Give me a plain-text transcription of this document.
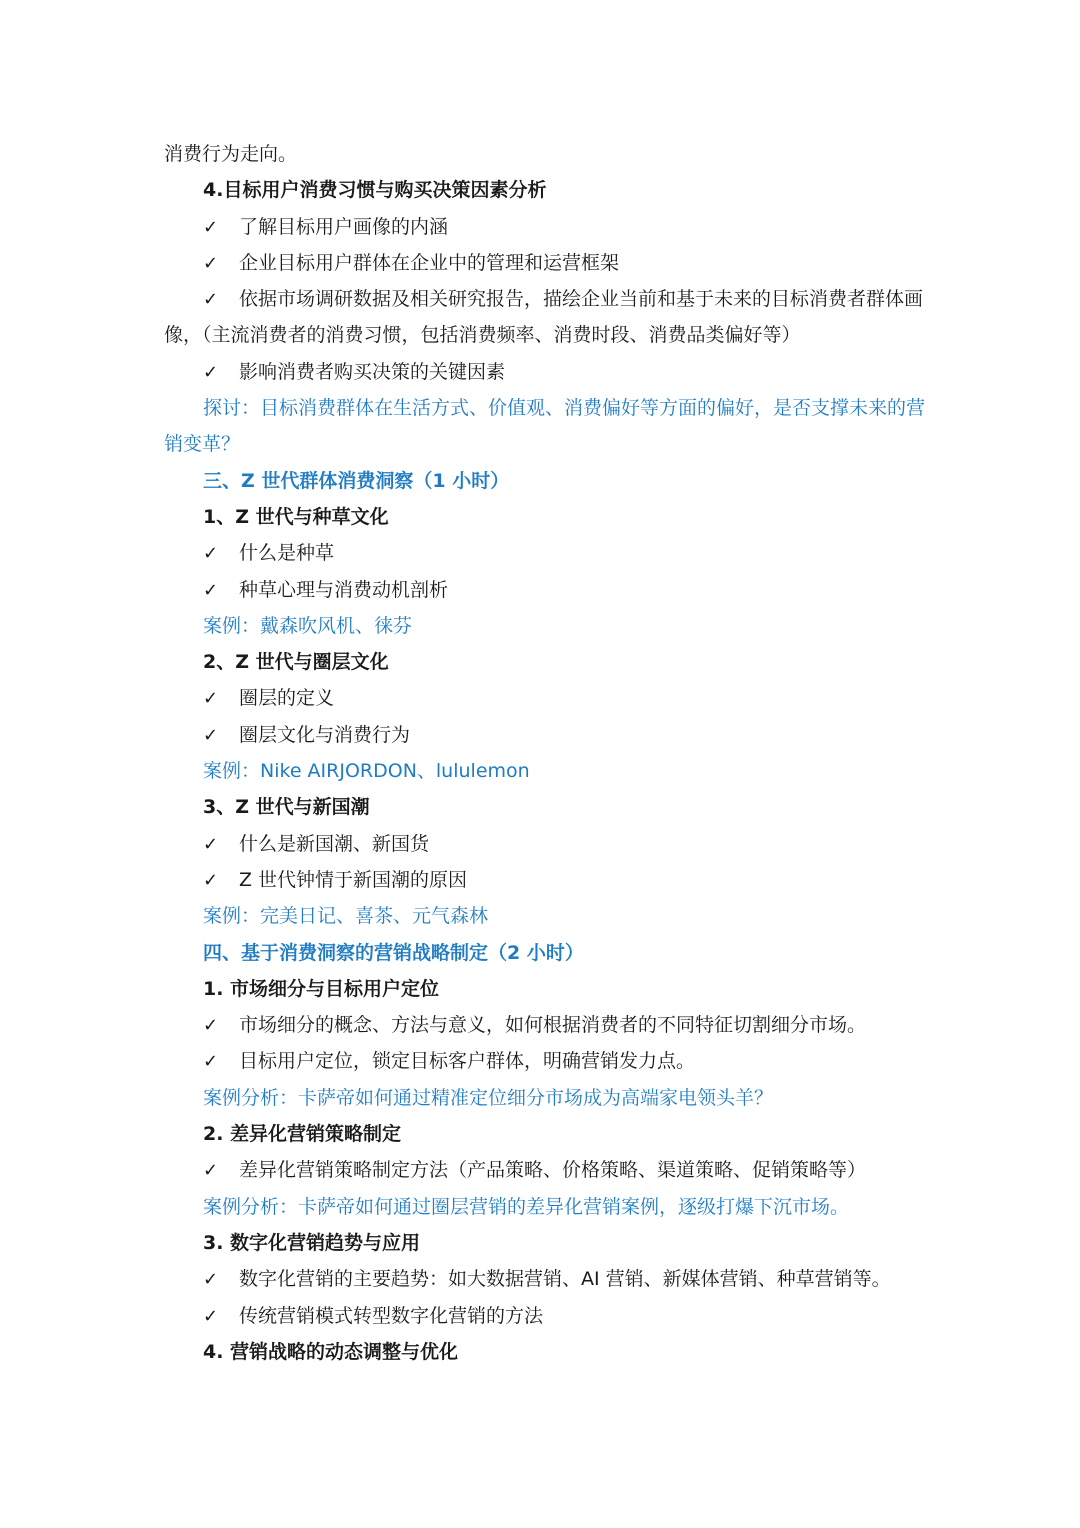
消费行为走向。
4.目标用户消费习惯与购买决策因素分析
✓ 了解目标用户画像的内涵
✓ 企业目标用户群体在企业中的管理和运营框架
✓ 依据市场调研数据及相关研究报告，描绘企业当前和基于未来的目标消费者群体画
像，（主流消费者的消费习惯，包括消费频率、消费时段、消费品类偏好等）
✓ 影响消费者购买决策的关键因素
探讨：目标消费群体在生活方式、价值观、消费偏好等方面的偏好，是否支撑未来的营
销变革？
三、Z 世代群体消费洞察（1 小时）
1、Z 世代与种草文化
✓ 什么是种草
✓ 种草心理与消费动机剖析
案例：戴森吹风机、徕芬
2、Z 世代与圈层文化
✓ 圈层的定义
✓ 圈层文化与消费行为
案例：Nike AIRJORDON、lululemon
3、Z 世代与新国潮
✓ 什么是新国潮、新国货
✓ Z 世代钟情于新国潮的原因
案例：完美日记、喜茶、元气森林
四、基于消费洞察的营销战略制定（2 小时）
1. 市场细分与目标用户定位
✓ 市场细分的概念、方法与意义，如何根据消费者的不同特征切割细分市场。
✓ 目标用户定位，锁定目标客户群体，明确营销发力点。
案例分析：卡萨帝如何通过精准定位细分市场成为高端家电领头羊？
2. 差异化营销策略制定
✓ 差异化营销策略制定方法（产品策略、价格策略、渠道策略、促销策略等）
案例分析：卡萨帝如何通过圈层营销的差异化营销案例，逐级打爆下沉市场。
3. 数字化营销趋势与应用
✓ 数字化营销的主要趋势：如大数据营销、AI 营销、新媒体营销、种草营销等。
✓ 传统营销模式转型数字化营销的方法
4. 营销战略的动态调整与优化
